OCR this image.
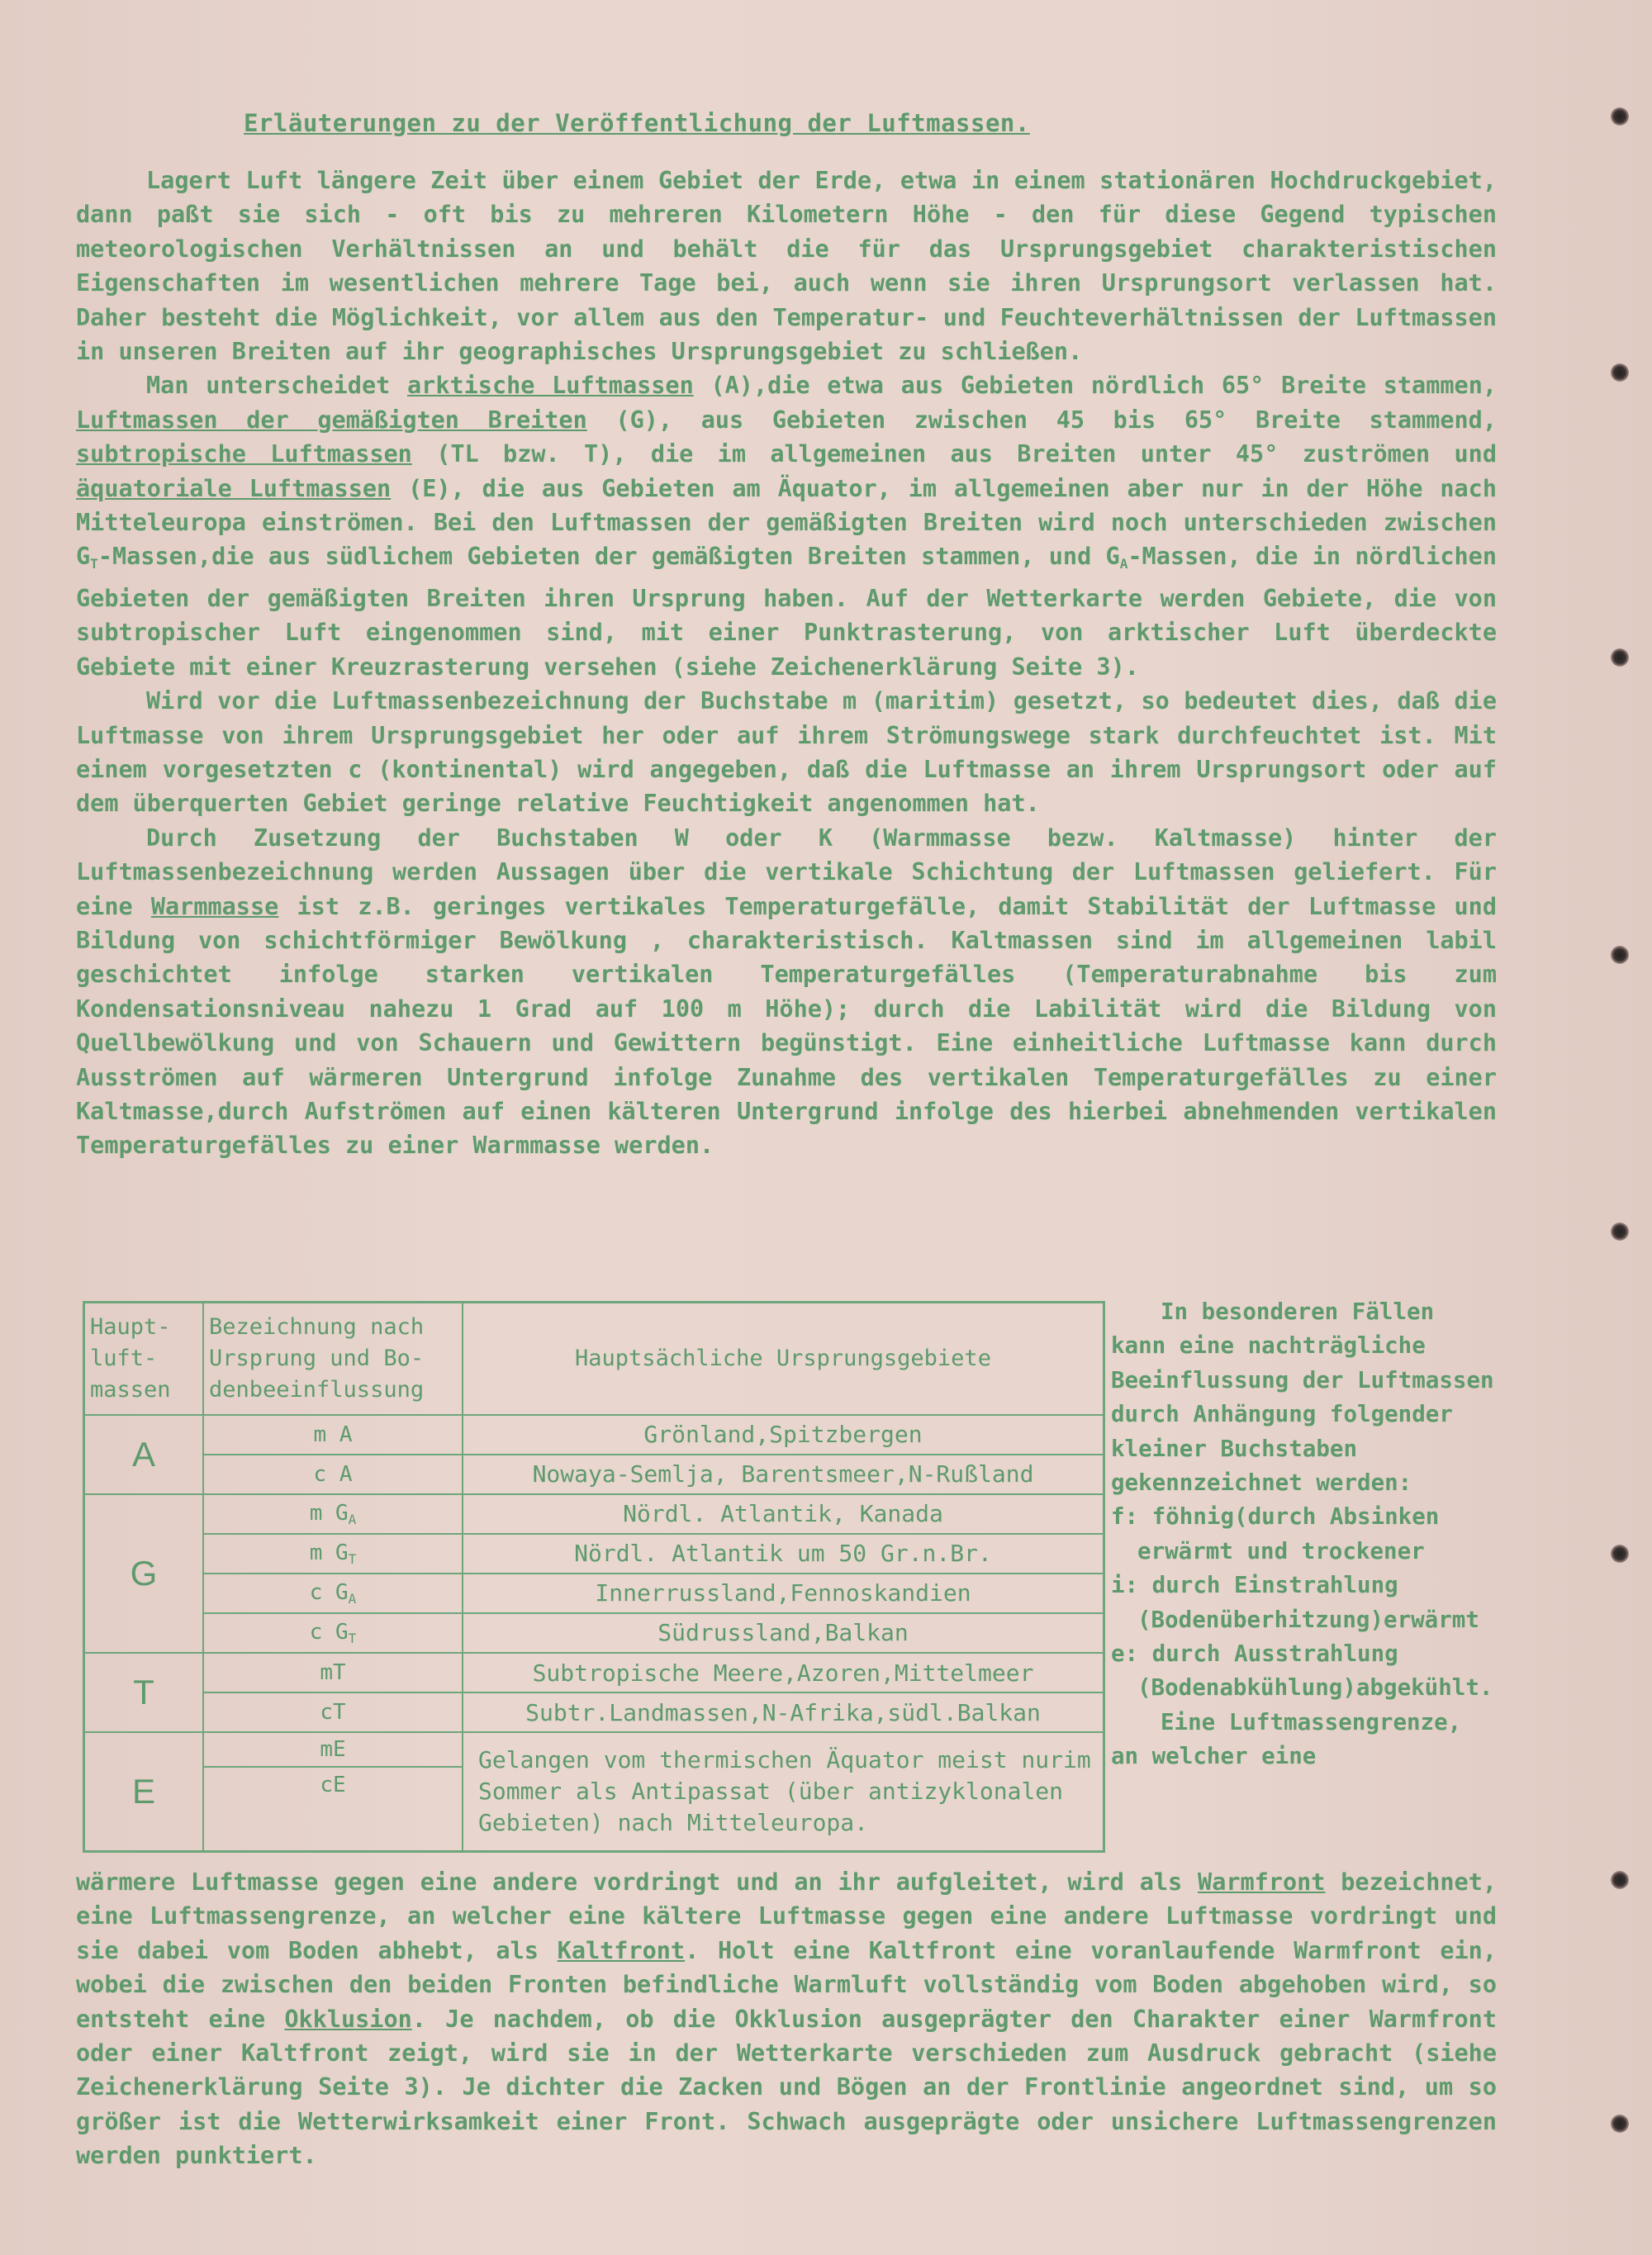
Erläuterungen zu der Veröffentlichung der Luftmassen.

Lagert Luft längere Zeit über einem Gebiet der Erde, etwa in einem stationären Hochdruckgebiet, dann paßt sie sich - oft bis zu mehreren Kilometern Höhe - den für diese Gegend typischen meteorologischen Verhältnissen an und behält die für das Ursprungsgebiet charakteristischen Eigenschaften im wesentlichen mehrere Tage bei, auch wenn sie ihren Ursprungsort verlassen hat. Daher besteht die Möglichkeit, vor allem aus den Temperatur- und Feuchteverhältnissen der Luftmassen in unseren Breiten auf ihr geographisches Ursprungsgebiet zu schließen.

Man unterscheidet arktische Luftmassen (A),die etwa aus Gebieten nördlich 65° Breite stammen, Luftmassen der gemäßigten Breiten (G), aus Gebieten zwischen 45 bis 65° Breite stammend, subtropische Luftmassen (TL bzw. T), die im allgemeinen aus Breiten unter 45° zuströmen und äquatoriale Luftmassen (E), die aus Gebieten am Äquator, im allgemeinen aber nur in der Höhe nach Mitteleuropa einströmen. Bei den Luftmassen der gemäßigten Breiten wird noch unterschieden zwischen $G_T-Massen,die$ aus südlichem Gebieten der gemäßigten Breiten stammen, und $G_A$-Massen, die in nördlichen Gebieten der gemäßigten Breiten ihren Ursprung haben. Auf der Wetterkarte werden Gebiete, die von subtropischer Luft eingenommen sind, mit einer Punktrasterung, von arktischer Luft überdeckte Gebiete mit einer Kreuzrasterung versehen (siehe Zeichenerklärung Seite 3).

Wird vor die Luftmassenbezeichnung der Buchstabe m (maritim) gesetzt, so bedeutet dies, daß die Luftmasse von ihrem Ursprungsgebiet her oder auf ihrem Strömungswege stark durchfeuchtet ist. Mit einem vorgesetzten c (kontinental) wird angegeben, daß die Luftmasse an ihrem Ursprungsort oder auf dem überquerten Gebiet geringe relative Feuchtigkeit angenommen hat.

Durch Zusetzung der Buchstaben W oder K (Warmmasse bezw. Kaltmasse) hinter der Luftmassenbezeichnung werden Aussagen über die vertikale Schichtung der Luftmassen geliefert. Für eine Warmmasse ist z.B. geringes vertikales Temperaturgefälle, damit Stabilität der Luftmasse und Bildung von schichtförmiger Bewölkung , charakteristisch. Kaltmassen sind im allgemeinen labil geschichtet infolge starken vertikalen Temperaturgefälles (Temperaturabnahme bis zum Kondensationsniveau nahezu 1 Grad auf 100 m Höhe); durch die Labilität wird die Bildung von Quellbewölkung und von Schauern und Gewittern begünstigt. Eine einheitliche Luftmasse kann durch Ausströmen auf wärmeren Untergrund infolge Zunahme des vertikalen Temperaturgefälles zu einer Kaltmasse,durch Aufströmen auf einen kälteren Untergrund infolge des hierbei abnehmenden vertikalen Temperaturgefälles zu einer Warmmasse werden.

Haupt-luft-massen	Bezeichnung nach Ursprung und Bo-denbeeinflussung	Hauptsächliche Ursprungsgebiete
A	m A	Grönland,Spitzbergen
	c A	Nowaya-Semlja, Barentsmeer,N-Rußland
G	m $G_A$	Nördl. Atlantik, Kanada
	m $G_T$	Nördl. Atlantik um 50 Gr.n.Br.
	c $G_A$	Innerrussland,Fennoskandien
	c $G_T$	Südrussland,Balkan
T	mT	Subtropische Meere,Azoren,Mittelmeer
	cT	Subtr.Landmassen,N-Afrika,südl.Balkan
E	mE	Gelangen vom thermischen Äquator meist nurim Sommer als Antipassat (über antizyklonalen Gebieten) nach Mitteleuropa.
	cE	

In besonderen Fällen kann eine nachträgliche Beeinflussung der Luftmassen durch Anhängung folgender kleiner Buchstaben gekennzeichnet werden:

f: föhnig(durch Absinken erwärmt und trockener

i: durch Einstrahlung (Bodenüberhitzung)erwärmt

e: durch Ausstrahlung (Bodenabkühlung)abgekühlt.

Eine Luftmassengrenze, an welcher eine

wärmere Luftmasse gegen eine andere vordringt und an ihr aufgleitet, wird als Warmfront bezeichnet, eine Luftmassengrenze, an welcher eine kältere Luftmasse gegen eine andere Luftmasse vordringt und sie dabei vom Boden abhebt, als Kaltfront. Holt eine Kaltfront eine voranlaufende Warmfront ein, wobei die zwischen den beiden Fronten befindliche Warmluft vollständig vom Boden abgehoben wird, so entsteht eine Okklusion. Je nachdem, ob die Okklusion ausgeprägter den Charakter einer Warmfront oder einer Kaltfront zeigt, wird sie in der Wetterkarte verschieden zum Ausdruck gebracht (siehe Zeichenerklärung Seite 3). Je dichter die Zacken und Bögen an der Frontlinie angeordnet sind, um so größer ist die Wetterwirksamkeit einer Front. Schwach ausgeprägte oder unsichere Luftmassengrenzen werden punktiert.
